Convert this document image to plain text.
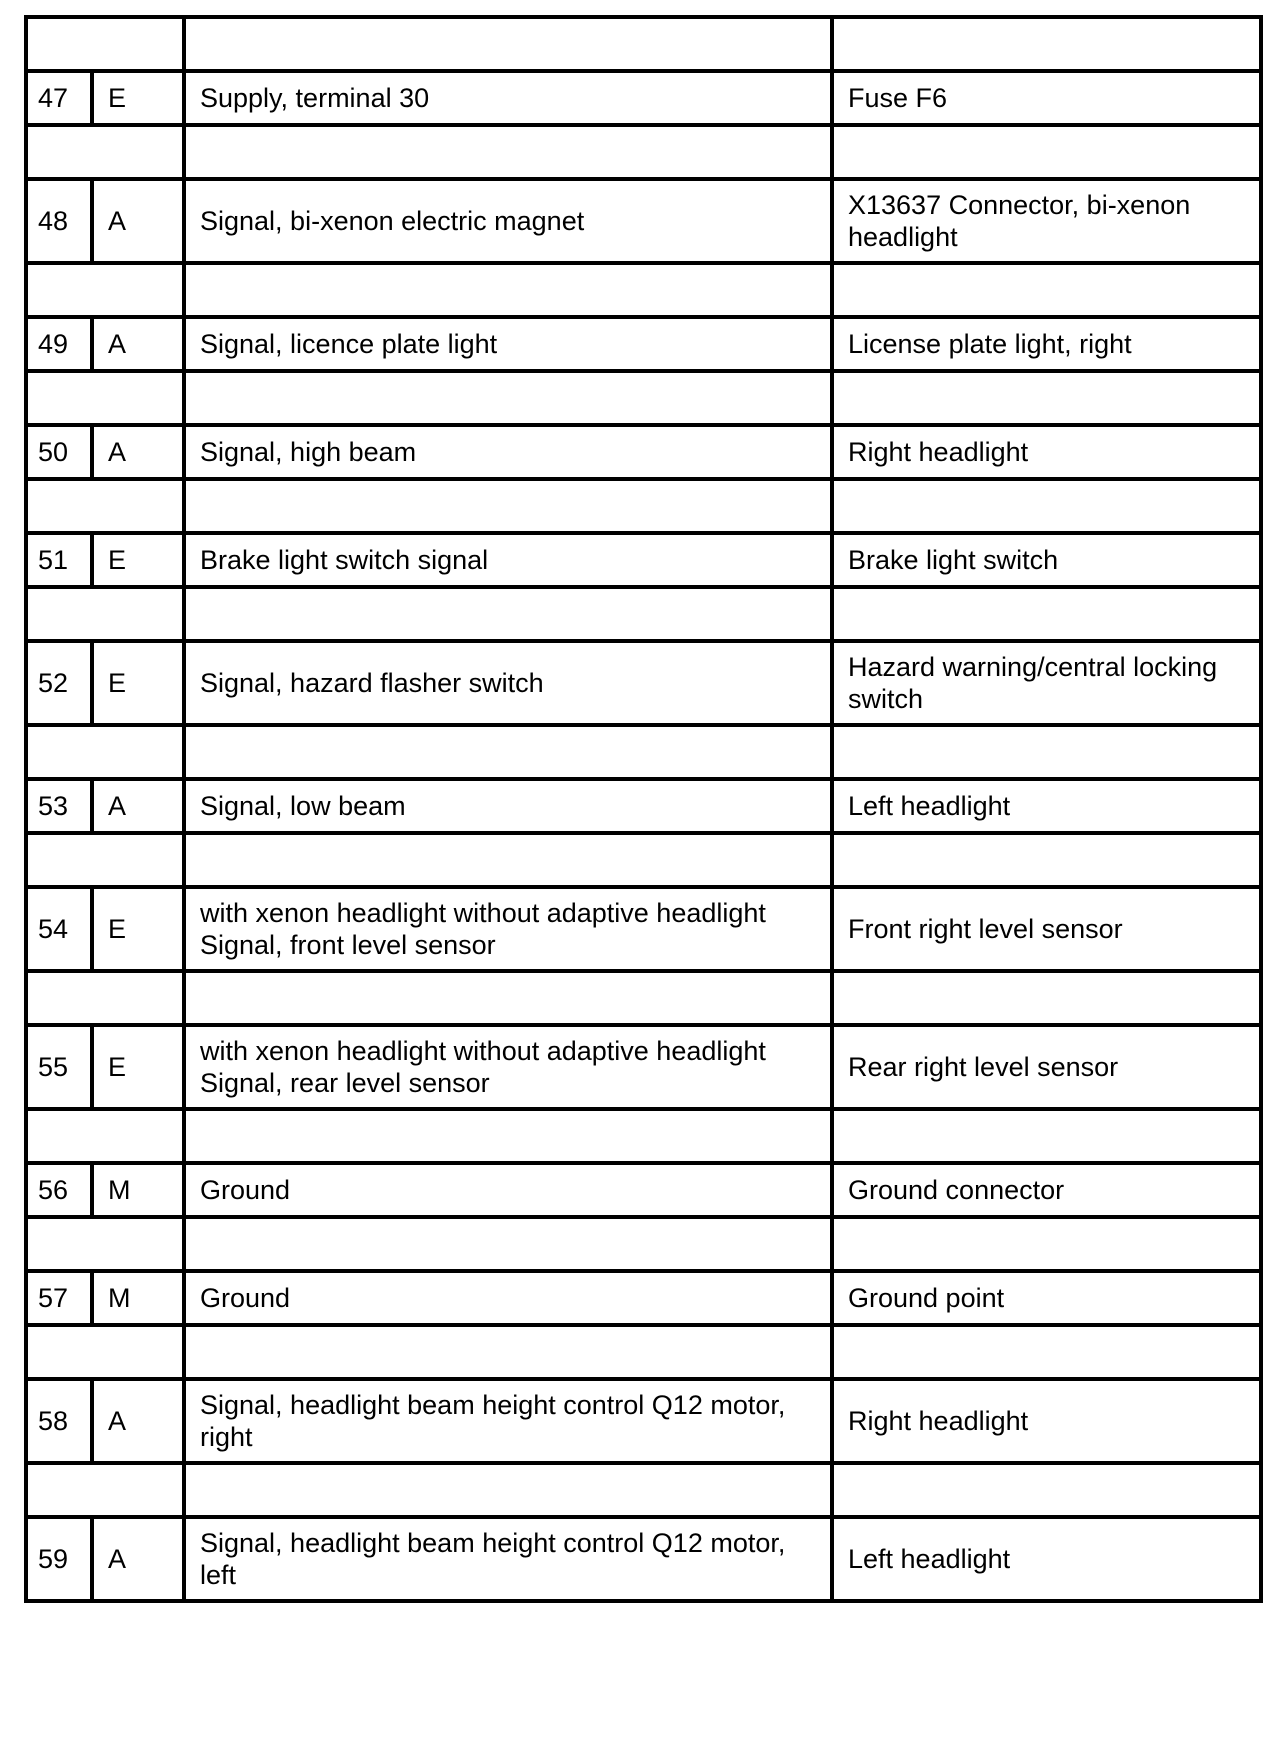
47	E	Supply, terminal 30	Fuse F6

48	A	Signal, bi-xenon electric magnet	X13637 Connector, bi-xenon headlight

49	A	Signal, licence plate light	License plate light, right

50	A	Signal, high beam	Right headlight

51	E	Brake light switch signal	Brake light switch

52	E	Signal, hazard flasher switch	Hazard warning/central locking switch

53	A	Signal, low beam	Left headlight

54	E	with xenon headlight without adaptive headlight Signal, front level sensor	Front right level sensor

55	E	with xenon headlight without adaptive headlight Signal, rear level sensor	Rear right level sensor

56	M	Ground	Ground connector

57	M	Ground	Ground point

58	A	Signal, headlight beam height control Q12 motor, right	Right headlight

59	A	Signal, headlight beam height control Q12 motor, left	Left headlight
